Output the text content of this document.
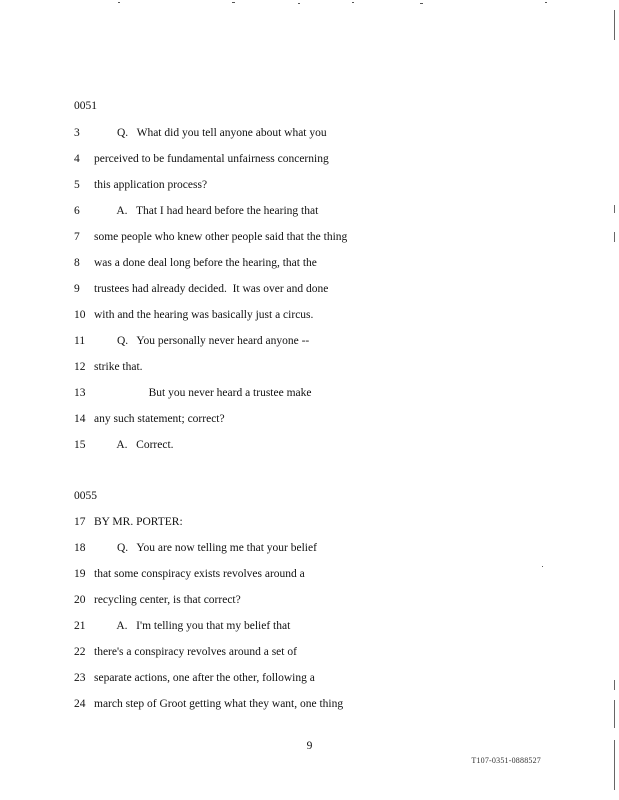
0051
3        Q.   What did you tell anyone about what you
4 perceived to be fundamental unfairness concerning
5 this application process?
6        A.   That I had heard before the hearing that
7 some people who knew other people said that the thing
8 was a done deal long before the hearing, that the
9 trustees had already decided.  It was over and done
10 with and the hearing was basically just a circus.
11        Q.   You personally never heard anyone --
12 strike that.
13                   But you never heard a trustee make
14 any such statement; correct?
15        A.   Correct.
0055
17 BY MR. PORTER:
18        Q.   You are now telling me that your belief
19 that some conspiracy exists revolves around a
20 recycling center, is that correct?
21        A.   I'm telling you that my belief that
22 there's a conspiracy revolves around a set of
23 separate actions, one after the other, following a
24 march step of Groot getting what they want, one thing
9
T107-0351-0888527
